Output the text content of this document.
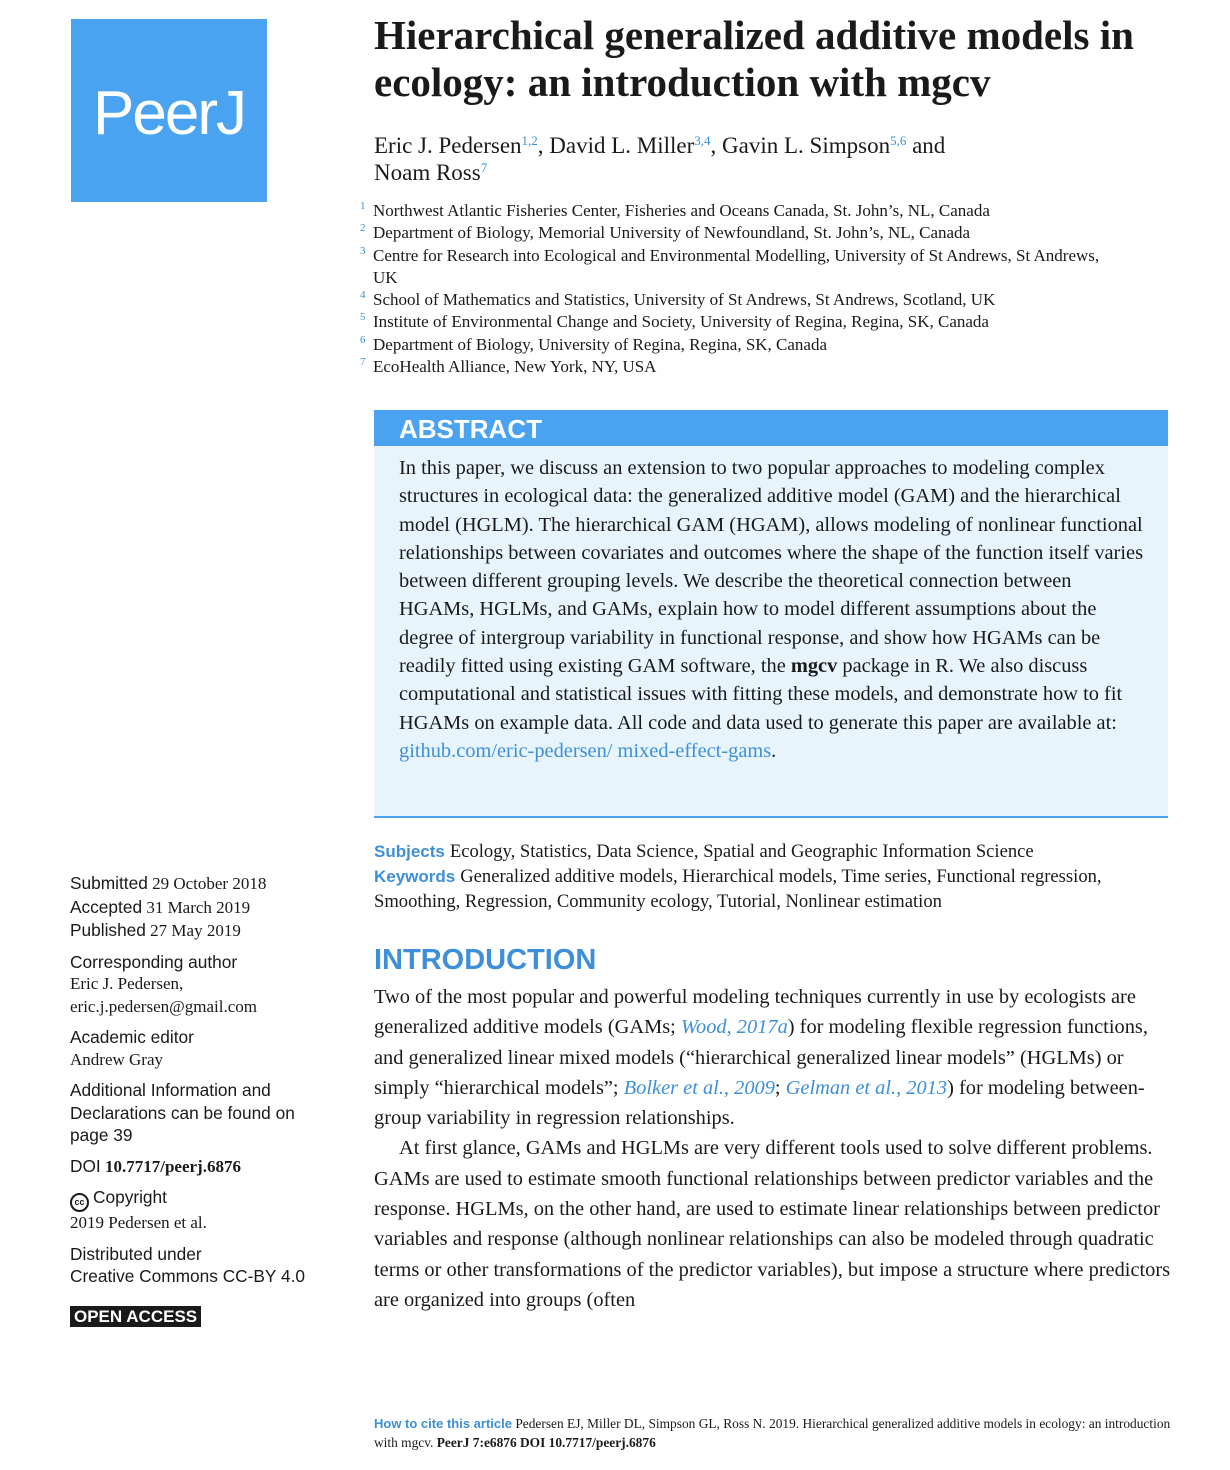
PeerJ
Hierarchical generalized additive models in ecology: an introduction with mgcv
Eric J. Pedersen$^{1,2}$, David L. Miller$^{3,4}$, Gavin L. Simpson$^{5,6}$ and
Noam Ross$^7$
1 Northwest Atlantic Fisheries Center, Fisheries and Oceans Canada, St. John’s, NL, Canada
2 Department of Biology, Memorial University of Newfoundland, St. John’s, NL, Canada
3 Centre for Research into Ecological and Environmental Modelling, University of St Andrews, St Andrews, UK
4 School of Mathematics and Statistics, University of St Andrews, St Andrews, Scotland, UK
5 Institute of Environmental Change and Society, University of Regina, Regina, SK, Canada
6 Department of Biology, University of Regina, Regina, SK, Canada
7 EcoHealth Alliance, New York, NY, USA
ABSTRACT
In this paper, we discuss an extension to two popular approaches to modeling complex structures in ecological data: the generalized additive model (GAM) and the hierarchical model (HGLM). The hierarchical GAM (HGAM), allows modeling of nonlinear functional relationships between covariates and outcomes where the shape of the function itself varies between different grouping levels. We describe the theoretical connection between HGAMs, HGLMs, and GAMs, explain how to model different assumptions about the degree of intergroup variability in functional response, and show how HGAMs can be readily fitted using existing GAM software, the mgcv package in R. We also discuss computational and statistical issues with fitting these models, and demonstrate how to fit HGAMs on example data. All code and data used to generate this paper are available at: github.com/eric-pedersen/ mixed-effect-gams.
Subjects Ecology, Statistics, Data Science, Spatial and Geographic Information Science
Keywords Generalized additive models, Hierarchical models, Time series, Functional regression, Smoothing, Regression, Community ecology, Tutorial, Nonlinear estimation
INTRODUCTION

Two of the most popular and powerful modeling techniques currently in use by ecologists are generalized additive models (GAMs; Wood, 2017a) for modeling flexible regression functions, and generalized linear mixed models (“hierarchical generalized linear models” (HGLMs) or simply “hierarchical models”; Bolker et al., 2009; Gelman et al., 2013) for modeling between-group variability in regression relationships.

At first glance, GAMs and HGLMs are very different tools used to solve different problems. GAMs are used to estimate smooth functional relationships between predictor variables and the response. HGLMs, on the other hand, are used to estimate linear relationships between predictor variables and response (although nonlinear relationships can also be modeled through quadratic terms or other transformations of the predictor variables), but impose a structure where predictors are organized into groups (often

Submitted 29 October 2018
Accepted 31 March 2019
Published 27 May 2019
Corresponding author
Eric J. Pedersen,
eric.j.pedersen@gmail.com
Academic editor
Andrew Gray
Additional Information and Declarations can be found on page 39
DOI 10.7717/peerj.6876
cc Copyright
2019 Pedersen et al.
Distributed under
Creative Commons CC-BY 4.0
OPEN ACCESS
How to cite this article Pedersen EJ, Miller DL, Simpson GL, Ross N. 2019. Hierarchical generalized additive models in ecology: an introduction with mgcv. PeerJ 7:e6876 DOI 10.7717/peerj.6876
